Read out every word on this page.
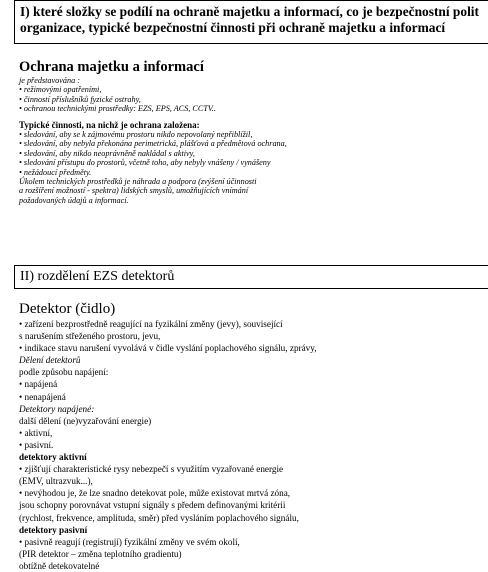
I) které složky se podílí na ochraně majetku a informací, co je bezpečnostní polit
organizace, typické bezpečnostní činnosti při ochraně majetku a informací
Ochrana majetku a informací
je představována :
• režimovými opatřeními,
• činností příslušníků fyzické ostrahy,
• ochranou technickými prostředky: EZS, EPS, ACS, CCTV..
Typické činnosti, na nichž je ochrana založena:
• sledování, aby se k zájmovému prostoru nikdo nepovolaný nepřiblížil,
• sledování, aby nebyla překonána perimetrická, plášťová a předmětová ochrana,
• sledování, aby nikdo neoprávněně nakládal s aktivy,
• sledování přístupu do prostorů, včetně toho, aby nebyly vnášeny / vynášeny
• nežádoucí předměty.
Úkolem technických prostředků je náhrada a podpora (zvýšení účinnosti
a rozšíření možností - spektra) lidských smyslů, umožňujících vnímání
požadovaných údajů a informací.
II) rozdělení EZS detektorů
Detektor (čidlo)
• zařízení bezprostředně reagující na fyzikální změny (jevy), související
s narušením střeženého prostoru, jevu,
• indikace stavu narušení vyvolává v čidle vyslání poplachového signálu, zprávy,
Dělení detektorů
podle způsobu napájení:
• napájená
• nenapájená
Detektory napájené:
další dělení (ne)vyzařování energie)
• aktivní,
• pasivní.
detektory aktivní
• zjišťují charakteristické rysy nebezpečí s využitím vyzařované energie
(EMV, ultrazvuk...),
• nevýhodou je, že lze snadno detekovat pole, může existovat mrtvá zóna,
jsou schopny porovnávat vstupní signály s předem definovanými kritérii
(rychlost, frekvence, amplituda, směr) před vysláním poplachového signálu,
detektory pasivní
• pasivně reagují (registrují) fyzikální změny ve svém okolí,
(PIR detektor – změna teplotního gradientu)
obtížně detekovatelné
